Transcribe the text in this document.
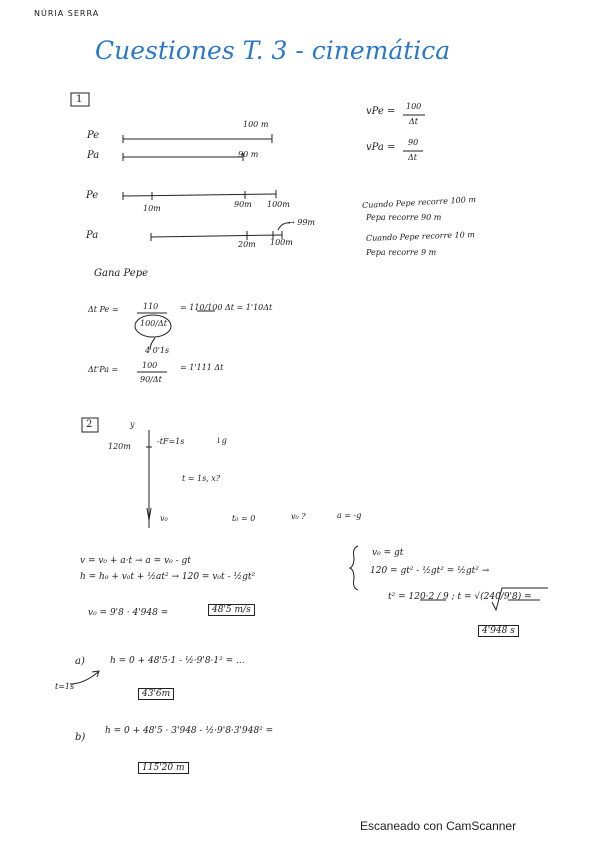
NÚRIA SERRA
Cuestiones T. 3 - cinemática
1
Pe
Pa
100 m
90 m
vPe = 100
Δt
vPa = 90
Δt
Pe
10m	90m 100m
Pa
→ 99m
20m 100m
Cuando Pepe recorre 100 m
Pepa recorre 90 m
Cuando Pepe recorre 10 m
Pepa recorre 9 m
Gana Pepe
Δt Pe =	110
100/Δt
= 110/100 Δt = 1'10Δt
4 0'1s
Δt'Pa =	100
90/Δt
= 1'111 Δt
2	y
120m
-tF=1s	↓g
t = 1s, x?
v₀	t₀ = 0	v₀ ?	a = -g
v = v₀ + a·t → a = v₀ - gt
h = h₀ + v₀t + ½at² → 120 = v₀t - ½gt²
v₀ = 9'8 · 4'948 =	48'5 m/s
v₀ = gt
120 = gt² - ½gt² = ½gt² →
t² = 120·2 / 9 ; t = √(240/9'8) =
4'948 s
a)	h = 0 + 48'5·1 - ½·9'8·1² = ...
t=1s
43'6m
b)
h = 0 + 48'5 · 3'948 - ½·9'8·3'948² =
115'20 m
Escaneado con CamScanner
